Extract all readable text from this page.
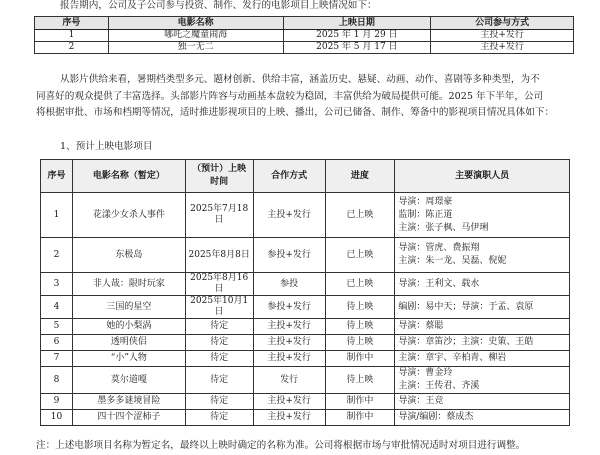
报告期内，公司及子公司参与投资、制作、发行的电影项目上映情况如下：
序号	电影名称	上映日期	公司参与方式
1	哪吒之魔童闹海	2025 年 1 月 29 日	主投+发行
2	独一无二	2025 年 5 月 17 日	主投+发行
从影片供给来看，暑期档类型多元、题材创新、供给丰富，涵盖历史、悬疑、动画、动作、喜剧等多种类型，为不
同喜好的观众提供了丰富选择。头部影片阵容与动画基本盘较为稳固，丰富供给为破局提供可能。2025 年下半年，公司
将根据审批、市场和档期等情况，适时推进影视项目的上映、播出，公司已储备、制作、筹备中的影视项目情况具体如下：
1、预计上映电影项目
序号	电影名称（暂定）	（预计）上映时间	合作方式	进度	主要演职人员
1	花漾少女杀人事件	2025年7月18日	主投+发行	已上映	导演：周璟豪
监制：陈正道
主演：张子枫、马伊琍

2	东极岛	2025年8月8日	参投+发行	已上映	导演：管虎、费振翔
主演：朱一龙、吴磊、倪妮

3	非人哉：限时玩家	2025年8月16日	参投	已上映	导演：王利文、载水

4	三国的星空	2025年10月1日	参投+发行	待上映	编剧：易中天；导演：于孟、袁原

5	她的小梨涡	待定	主投+发行	待上映	导演：蔡聪

6	透明侠侣	待定	主投+发行	待上映	导演：章笛沙；主演：史策、王皓

7	“小”人物	待定	主投+发行	制作中	主演：章宇、辛柏青、柳岩

8	莫尔道嘎	待定	发行	待上映	导演：曹金玲
主演：王传君、齐溪

9	墨多多谜境冒险	待定	主投+发行	制作中	导演：王竞

10	四十四个涩柿子	待定	主投+发行	制作中	导演/编剧：蔡成杰
注：上述电影项目名称为暂定名，最终以上映时确定的名称为准。公司将根据市场与审批情况适时对项目进行调整。
